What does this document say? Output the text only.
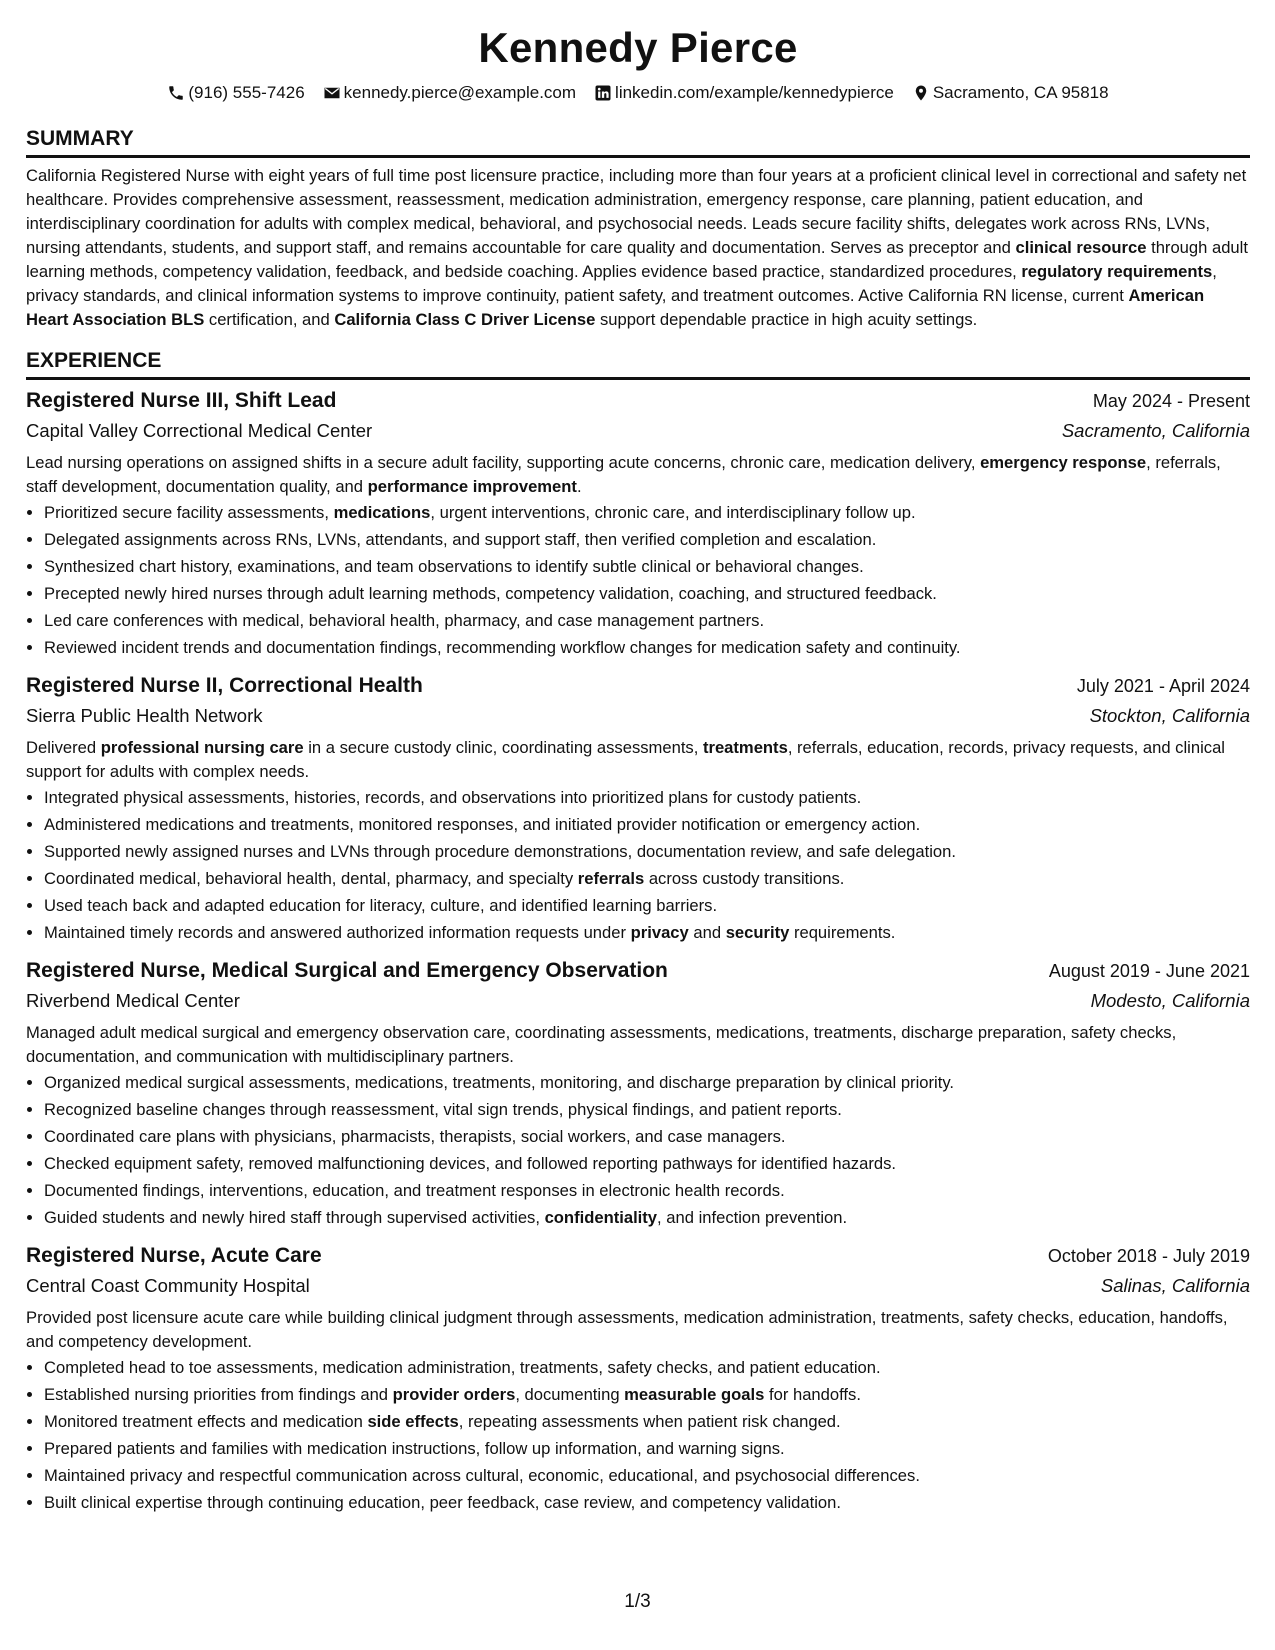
Kennedy Pierce
(916) 555-7426 kennedy.pierce@example.com linkedin.com/example/kennedypierce Sacramento, CA 95818
SUMMARY

California Registered Nurse with eight years of full time post licensure practice, including more than four years at a proficient clinical level in correctional and safety net healthcare. Provides comprehensive assessment, reassessment, medication administration, emergency response, care planning, patient education, and interdisciplinary coordination for adults with complex medical, behavioral, and psychosocial needs. Leads secure facility shifts, delegates work across RNs, LVNs, nursing attendants, students, and support staff, and remains accountable for care quality and documentation. Serves as preceptor and clinical resource through adult learning methods, competency validation, feedback, and bedside coaching. Applies evidence based practice, standardized procedures, regulatory requirements, privacy standards, and clinical information systems to improve continuity, patient safety, and treatment outcomes. Active California RN license, current American Heart Association BLS certification, and California Class C Driver License support dependable practice in high acuity settings.

EXPERIENCE
Registered Nurse III, Shift Lead	May 2024 - Present
Capital Valley Correctional Medical Center	Sacramento, California
Lead nursing operations on assigned shifts in a secure adult facility, supporting acute concerns, chronic care, medication delivery, emergency response, referrals, staff development, documentation quality, and performance improvement.
• Prioritized secure facility assessments, medications, urgent interventions, chronic care, and interdisciplinary follow up.
• Delegated assignments across RNs, LVNs, attendants, and support staff, then verified completion and escalation.
• Synthesized chart history, examinations, and team observations to identify subtle clinical or behavioral changes.
• Precepted newly hired nurses through adult learning methods, competency validation, coaching, and structured feedback.
• Led care conferences with medical, behavioral health, pharmacy, and case management partners.
• Reviewed incident trends and documentation findings, recommending workflow changes for medication safety and continuity.
Registered Nurse II, Correctional Health	July 2021 - April 2024
Sierra Public Health Network	Stockton, California
Delivered professional nursing care in a secure custody clinic, coordinating assessments, treatments, referrals, education, records, privacy requests, and clinical support for adults with complex needs.
• Integrated physical assessments, histories, records, and observations into prioritized plans for custody patients.
• Administered medications and treatments, monitored responses, and initiated provider notification or emergency action.
• Supported newly assigned nurses and LVNs through procedure demonstrations, documentation review, and safe delegation.
• Coordinated medical, behavioral health, dental, pharmacy, and specialty referrals across custody transitions.
• Used teach back and adapted education for literacy, culture, and identified learning barriers.
• Maintained timely records and answered authorized information requests under privacy and security requirements.
Registered Nurse, Medical Surgical and Emergency Observation	August 2019 - June 2021
Riverbend Medical Center	Modesto, California
Managed adult medical surgical and emergency observation care, coordinating assessments, medications, treatments, discharge preparation, safety checks, documentation, and communication with multidisciplinary partners.
• Organized medical surgical assessments, medications, treatments, monitoring, and discharge preparation by clinical priority.
• Recognized baseline changes through reassessment, vital sign trends, physical findings, and patient reports.
• Coordinated care plans with physicians, pharmacists, therapists, social workers, and case managers.
• Checked equipment safety, removed malfunctioning devices, and followed reporting pathways for identified hazards.
• Documented findings, interventions, education, and treatment responses in electronic health records.
• Guided students and newly hired staff through supervised activities, confidentiality, and infection prevention.
Registered Nurse, Acute Care	October 2018 - July 2019
Central Coast Community Hospital	Salinas, California
Provided post licensure acute care while building clinical judgment through assessments, medication administration, treatments, safety checks, education, handoffs, and competency development.
• Completed head to toe assessments, medication administration, treatments, safety checks, and patient education.
• Established nursing priorities from findings and provider orders, documenting measurable goals for handoffs.
• Monitored treatment effects and medication side effects, repeating assessments when patient risk changed.
• Prepared patients and families with medication instructions, follow up information, and warning signs.
• Maintained privacy and respectful communication across cultural, economic, educational, and psychosocial differences.
• Built clinical expertise through continuing education, peer feedback, case review, and competency validation.
1/3
